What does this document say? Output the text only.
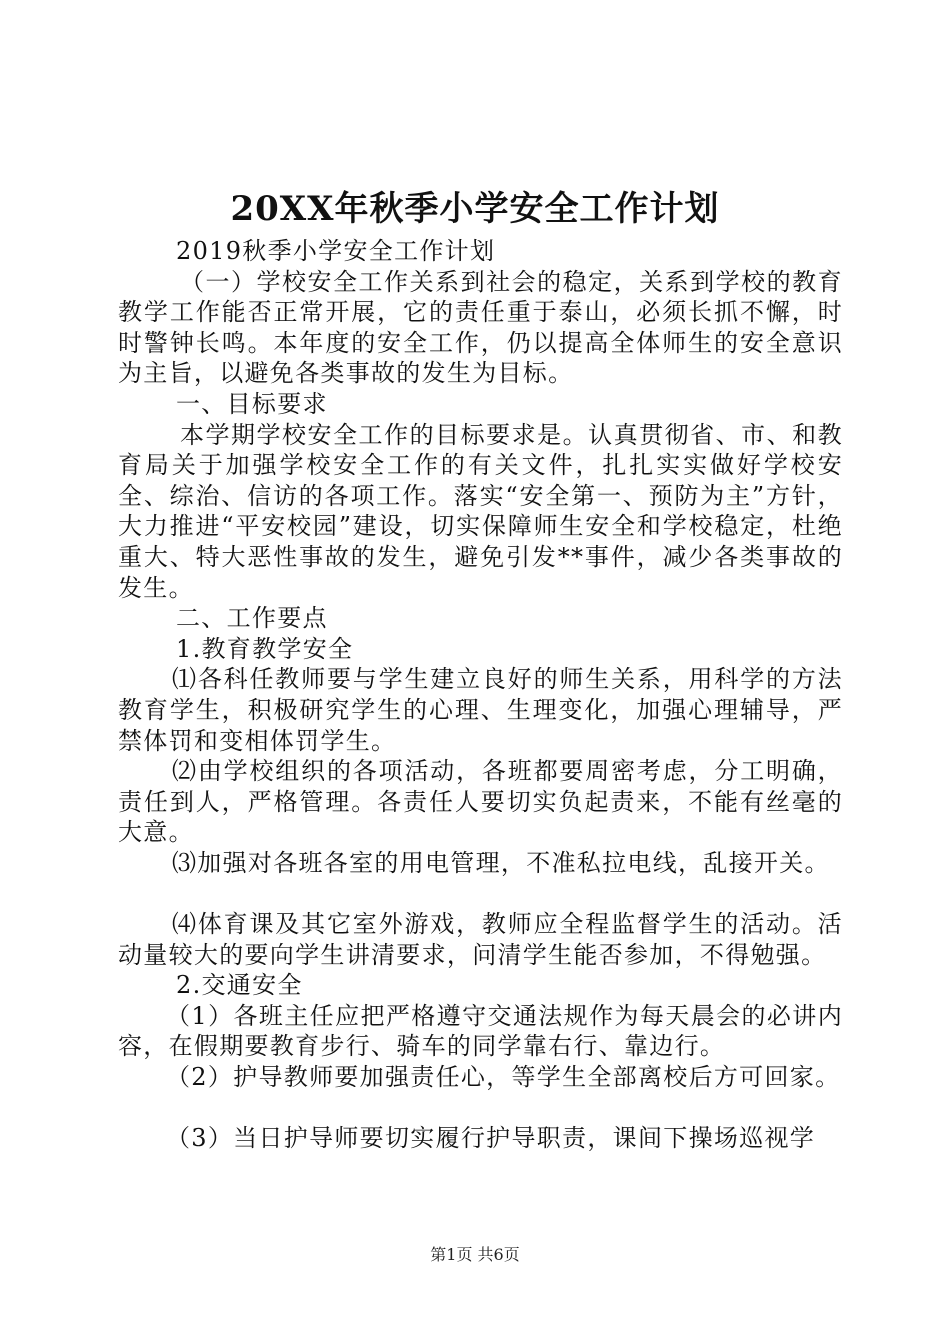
20XX年秋季小学安全工作计划

2019秋季小学安全工作计划

（一）学校安全工作关系到社会的稳定，关系到学校的教育教学工作能否正常开展，它的责任重于泰山，必须长抓不懈，时时警钟长鸣。本年度的安全工作，仍以提高全体师生的安全意识为主旨，以避免各类事故的发生为目标。

一、目标要求

本学期学校安全工作的目标要求是。认真贯彻省、市、和教育局关于加强学校安全工作的有关文件，扎扎实实做好学校安全、综治、信访的各项工作。落实“安全第一、预防为主”方针，大力推进“平安校园”建设，切实保障师生安全和学校稳定，杜绝重大、特大恶性事故的发生，避免引发**事件，减少各类事故的发生。

二、工作要点

1.教育教学安全

⑴各科任教师要与学生建立良好的师生关系，用科学的方法教育学生，积极研究学生的心理、生理变化，加强心理辅导，严禁体罚和变相体罚学生。

⑵由学校组织的各项活动，各班都要周密考虑，分工明确，责任到人，严格管理。各责任人要切实负起责来，不能有丝毫的大意。

⑶加强对各班各室的用电管理，不准私拉电线，乱接开关。

⑷体育课及其它室外游戏，教师应全程监督学生的活动。活动量较大的要向学生讲清要求，问清学生能否参加，不得勉强。

2.交通安全

（1）各班主任应把严格遵守交通法规作为每天晨会的必讲内容，在假期要教育步行、骑车的同学靠右行、靠边行。

（2）护导教师要加强责任心，等学生全部离校后方可回家。

（3）当日护导师要切实履行护导职责，课间下操场巡视学

第1页 共6页
